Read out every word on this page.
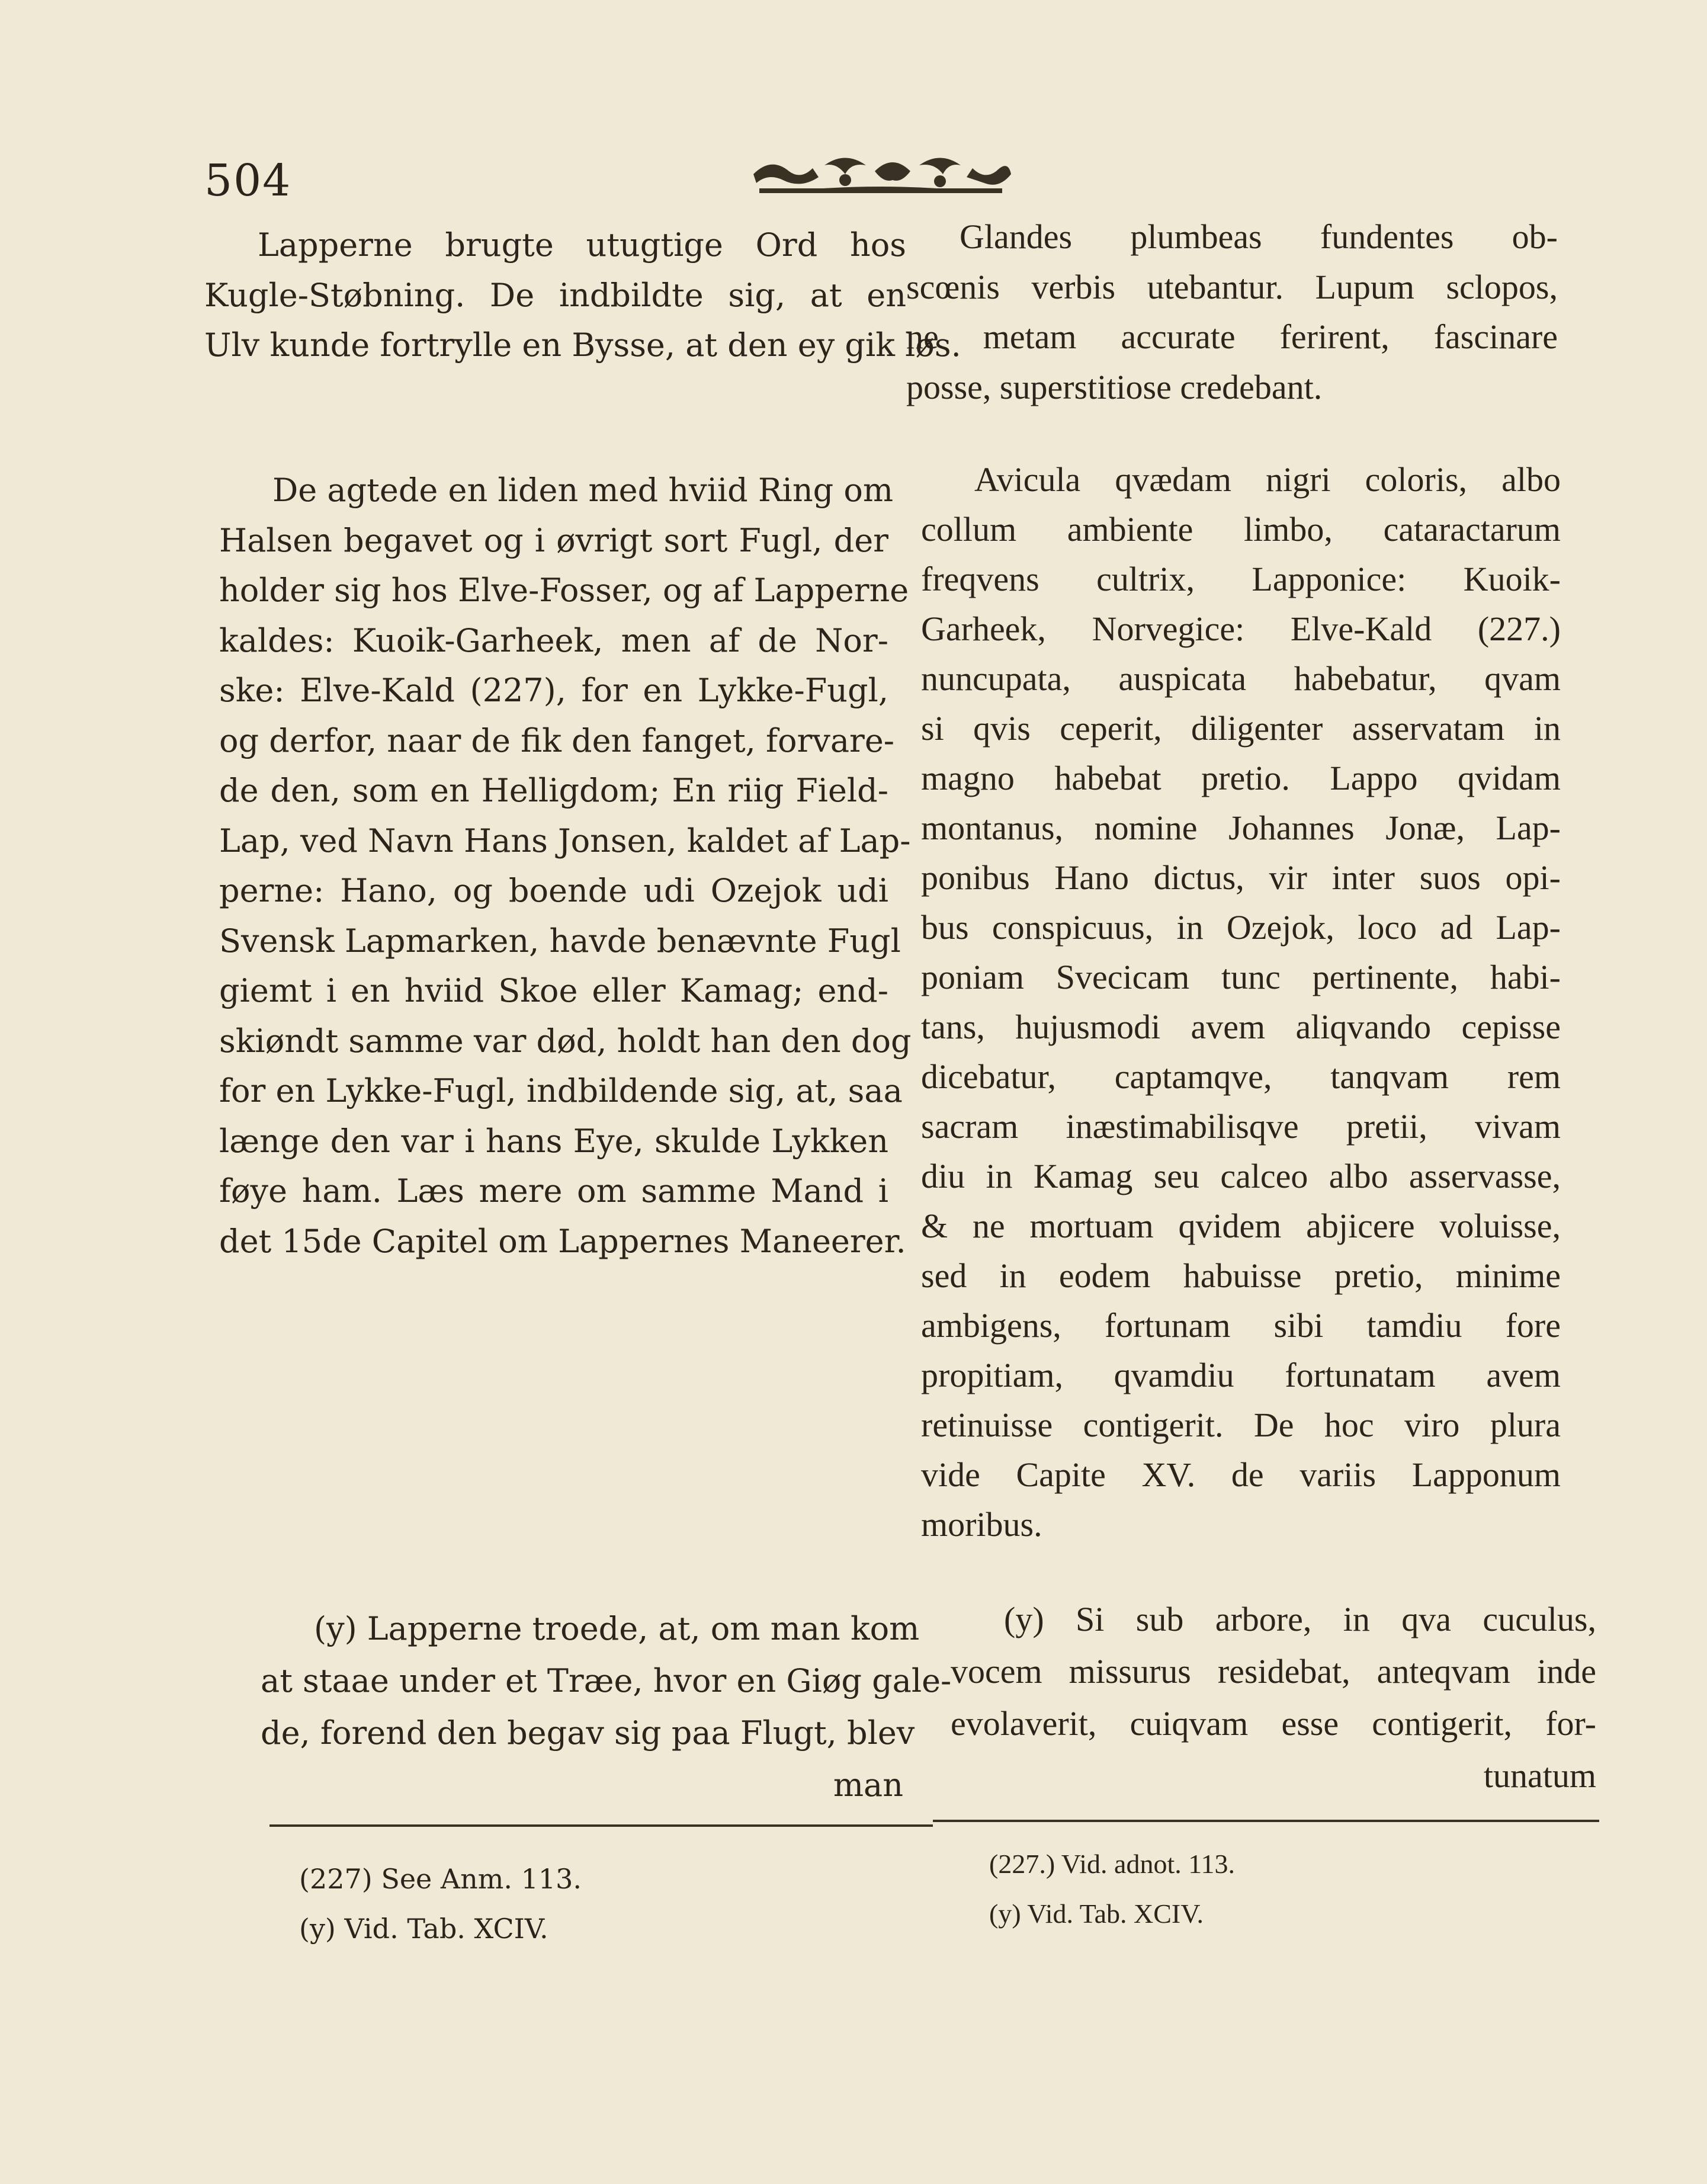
504

Lapperne brugte utugtige Ord hos
Kugle-Støbning. De indbildte sig, at en
Ulv kunde fortrylle en Bysse, at den ey gik løs.

De agtede en liden med hviid Ring om
Halsen begavet og i øvrigt sort Fugl, der
holder sig hos Elve-Fosser, og af Lapperne
kaldes: Kuoik-Garheek, men af de Nor-
ske: Elve-Kald (227), for en Lykke-Fugl,
og derfor, naar de fik den fanget, forvare-
de den, som en Helligdom; En riig Field-
Lap, ved Navn Hans Jonsen, kaldet af Lap-
perne: Hano, og boende udi Ozejok udi
Svensk Lapmarken, havde benævnte Fugl
giemt i en hviid Skoe eller Kamag; end-
skiøndt samme var død, holdt han den dog
for en Lykke-Fugl, indbildende sig, at, saa
længe den var i hans Eye, skulde Lykken
føye ham. Læs mere om samme Mand i
det 15de Capitel om Lappernes Maneerer.

(y) Lapperne troede, at, om man kom
at staae under et Træe, hvor en Giøg gale-
de, forend den begav sig paa Flugt, blev

man

Glandes plumbeas fundentes ob-
scœnis verbis utebantur. Lupum sclopos,
ne metam accurate ferirent, fascinare
posse, superstitiose credebant.

Avicula qvædam nigri coloris, albo
collum ambiente limbo, cataractarum
freqvens cultrix, Lapponice: Kuoik-
Garheek, Norvegice: Elve-Kald (227.)
nuncupata, auspicata habebatur, qvam
si qvis ceperit, diligenter asservatam in
magno habebat pretio. Lappo qvidam
montanus, nomine Johannes Jonæ, Lap-
ponibus Hano dictus, vir inter suos opi-
bus conspicuus, in Ozejok, loco ad Lap-
poniam Svecicam tunc pertinente, habi-
tans, hujusmodi avem aliqvando cepisse
dicebatur, captamqve, tanqvam rem
sacram inæstimabilisqve pretii, vivam
diu in Kamag seu calceo albo asservasse,
& ne mortuam qvidem abjicere voluisse,
sed in eodem habuisse pretio, minime
ambigens, fortunam sibi tamdiu fore
propitiam, qvamdiu fortunatam avem
retinuisse contigerit. De hoc viro plura
vide Capite XV. de variis Lapponum
moribus.

(y) Si sub arbore, in qva cuculus,
vocem missurus residebat, anteqvam inde
evolaverit, cuiqvam esse contigerit, for-

tunatum
(227) See Anm. 113.
(y) Vid. Tab. XCIV.
(227.) Vid. adnot. 113.
(y) Vid. Tab. XCIV.
